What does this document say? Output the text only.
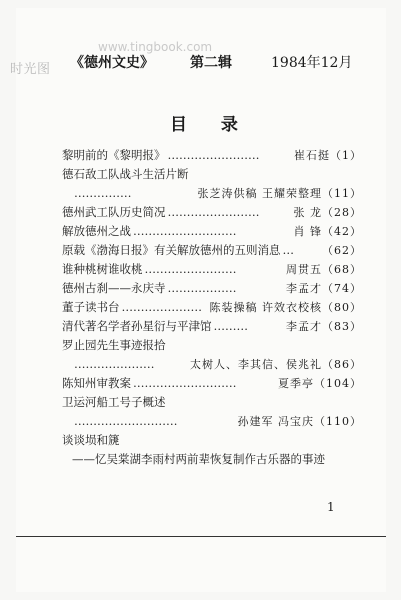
时光图
www.tingbook.com
《德州文史》	第二辑	1984年12月
目 录
黎明前的《黎明报》 ……………………	崔石挺（1）
德石敌工队战斗生活片断
……………	张芝涛供稿 王耀荣整理（11）
德州武工队历史简况 ……………………	张 龙（28）
解放德州之战 ………………………	肖 锋（42）
原载《渤海日报》有关解放德州的五则消息 …	（62）
谁种桃树谁收桃 ……………………	周贯五（68）
德州古刹——永庆寺 ………………	李孟才（74）
董子读书台 ………………… 陈装操稿 许效衣校核（80）
清代著名学者孙星衍与平津馆 ………	李孟才（83）
罗止园先生事迹报拾
…………………	太树人、李其信、侯兆礼（86）
陈知州审教案 ………………………	夏季亭（104）
卫运河船工号子概述
………………………	孙建军 冯宝庆（110）
谈谈埙和篪
——忆吴棠湖李雨村两前辈恢复制作古乐器的事迹
1
